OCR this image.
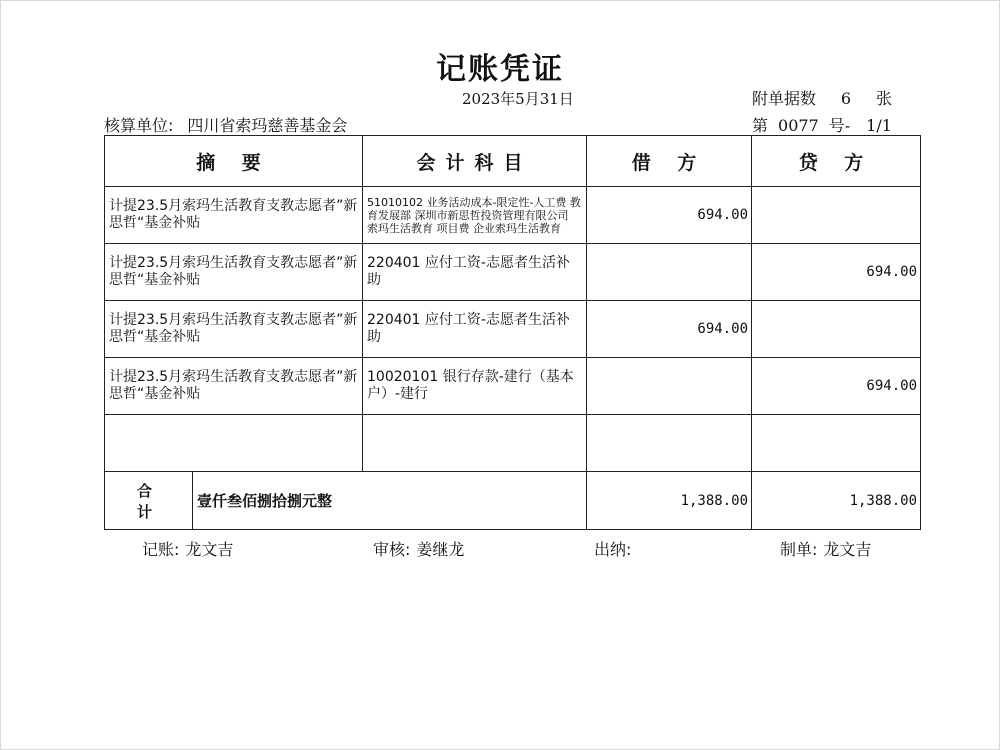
记账凭证
2023年5月31日	附单据数 6 张
核算单位: 四川省索玛慈善基金会	第 0077 号- 1/1
摘 要		会计科目	借 方	贷 方
计提23.5月索玛生活教育支教志愿者”新思哲“基金补贴		51010102 业务活动成本-限定性-人工费 教育发展部 深圳市新思哲投资管理有限公司 索玛生活教育 项目费 企业索玛生活教育	694.00	
计提23.5月索玛生活教育支教志愿者”新思哲“基金补贴		220401 应付工资-志愿者生活补助		694.00
计提23.5月索玛生活教育支教志愿者”新思哲“基金补贴		220401 应付工资-志愿者生活补助	694.00	
计提23.5月索玛生活教育支教志愿者”新思哲“基金补贴		10020101 银行存款-建行（基本户）-建行		694.00

合计	壹仟叁佰捌拾捌元整		1,388.00	1,388.00
记账: 龙文吉	审核: 姜继龙	出纳:	制单: 龙文吉
